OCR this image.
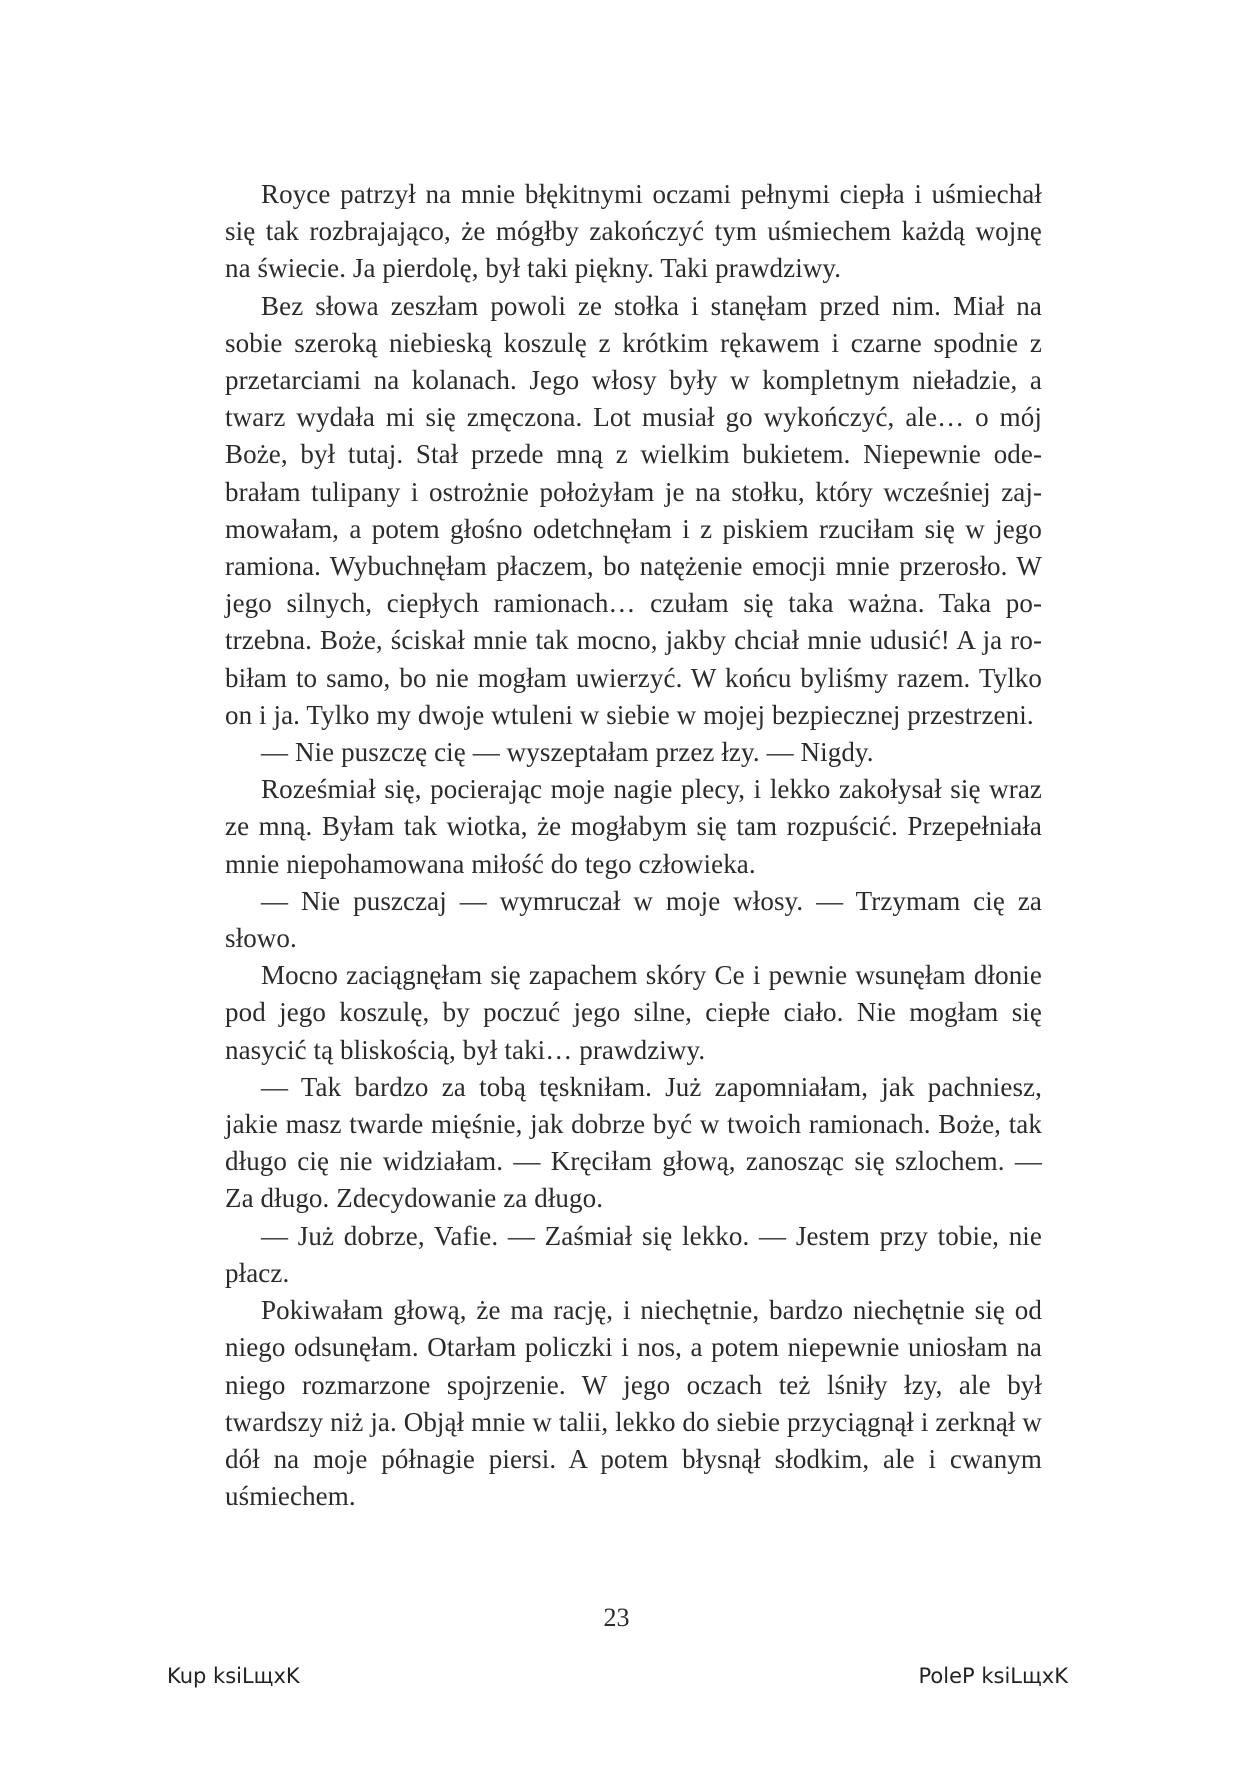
Royce patrzył na mnie błękitnymi oczami pełnymi ciepła i uśmiechał się tak rozbrajająco, że mógłby zakończyć tym uśmiechem każdą wojnę na świecie. Ja pierdolę, był taki piękny. Taki prawdziwy.

Bez słowa zeszłam powoli ze stołka i stanęłam przed nim. Miał na sobie szeroką niebieską koszulę z krótkim rękawem i czarne spodnie z przetarciami na kolanach. Jego włosy były w kompletnym nieładzie, a twarz wydała mi się zmęczona. Lot musiał go wykończyć, ale… o mój Boże, był tutaj. Stał przede mną z wielkim bukietem. Niepewnie odebrałam tulipany i ostrożnie położyłam je na stołku, który wcześniej zajmowałam, a potem głośno odetchnęłam i z piskiem rzuciłam się w jego ramiona. Wybuchnęłam płaczem, bo natężenie emocji mnie przerosło. W jego silnych, ciepłych ramionach… czułam się taka ważna. Taka potrzebna. Boże, ściskał mnie tak mocno, jakby chciał mnie udusić! A ja robiłam to samo, bo nie mogłam uwierzyć. W końcu byliśmy razem. Tylko on i ja. Tylko my dwoje wtuleni w siebie w mojej bezpiecznej przestrzeni.

— Nie puszczę cię — wyszeptałam przez łzy. — Nigdy.

Roześmiał się, pocierając moje nagie plecy, i lekko zakołysał się wraz ze mną. Byłam tak wiotka, że mogłabym się tam rozpuścić. Przepełniała mnie niepohamowana miłość do tego człowieka.

— Nie puszczaj — wymruczał w moje włosy. — Trzymam cię za słowo.

Mocno zaciągnęłam się zapachem skóry Ce i pewnie wsunęłam dłonie pod jego koszulę, by poczuć jego silne, ciepłe ciało. Nie mogłam się nasycić tą bliskością, był taki… prawdziwy.

— Tak bardzo za tobą tęskniłam. Już zapomniałam, jak pachniesz, jakie masz twarde mięśnie, jak dobrze być w twoich ramionach. Boże, tak długo cię nie widziałam. — Kręciłam głową, zanosząc się szlochem. — Za długo. Zdecydowanie za długo.

— Już dobrze, Vafie. — Zaśmiał się lekko. — Jestem przy tobie, nie płacz.

Pokiwałam głową, że ma rację, i niechętnie, bardzo niechętnie się od niego odsunęłam. Otarłam policzki i nos, a potem niepewnie uniosłam na niego rozmarzone spojrzenie. W jego oczach też lśniły łzy, ale był twardszy niż ja. Objął mnie w talii, lekko do siebie przyciągnął i zerknął w dół na moje półnagie piersi. A potem błysnął słodkim, ale i cwanym uśmiechem.

23
Kup ksiLщxK	PoleP ksiLщxK
